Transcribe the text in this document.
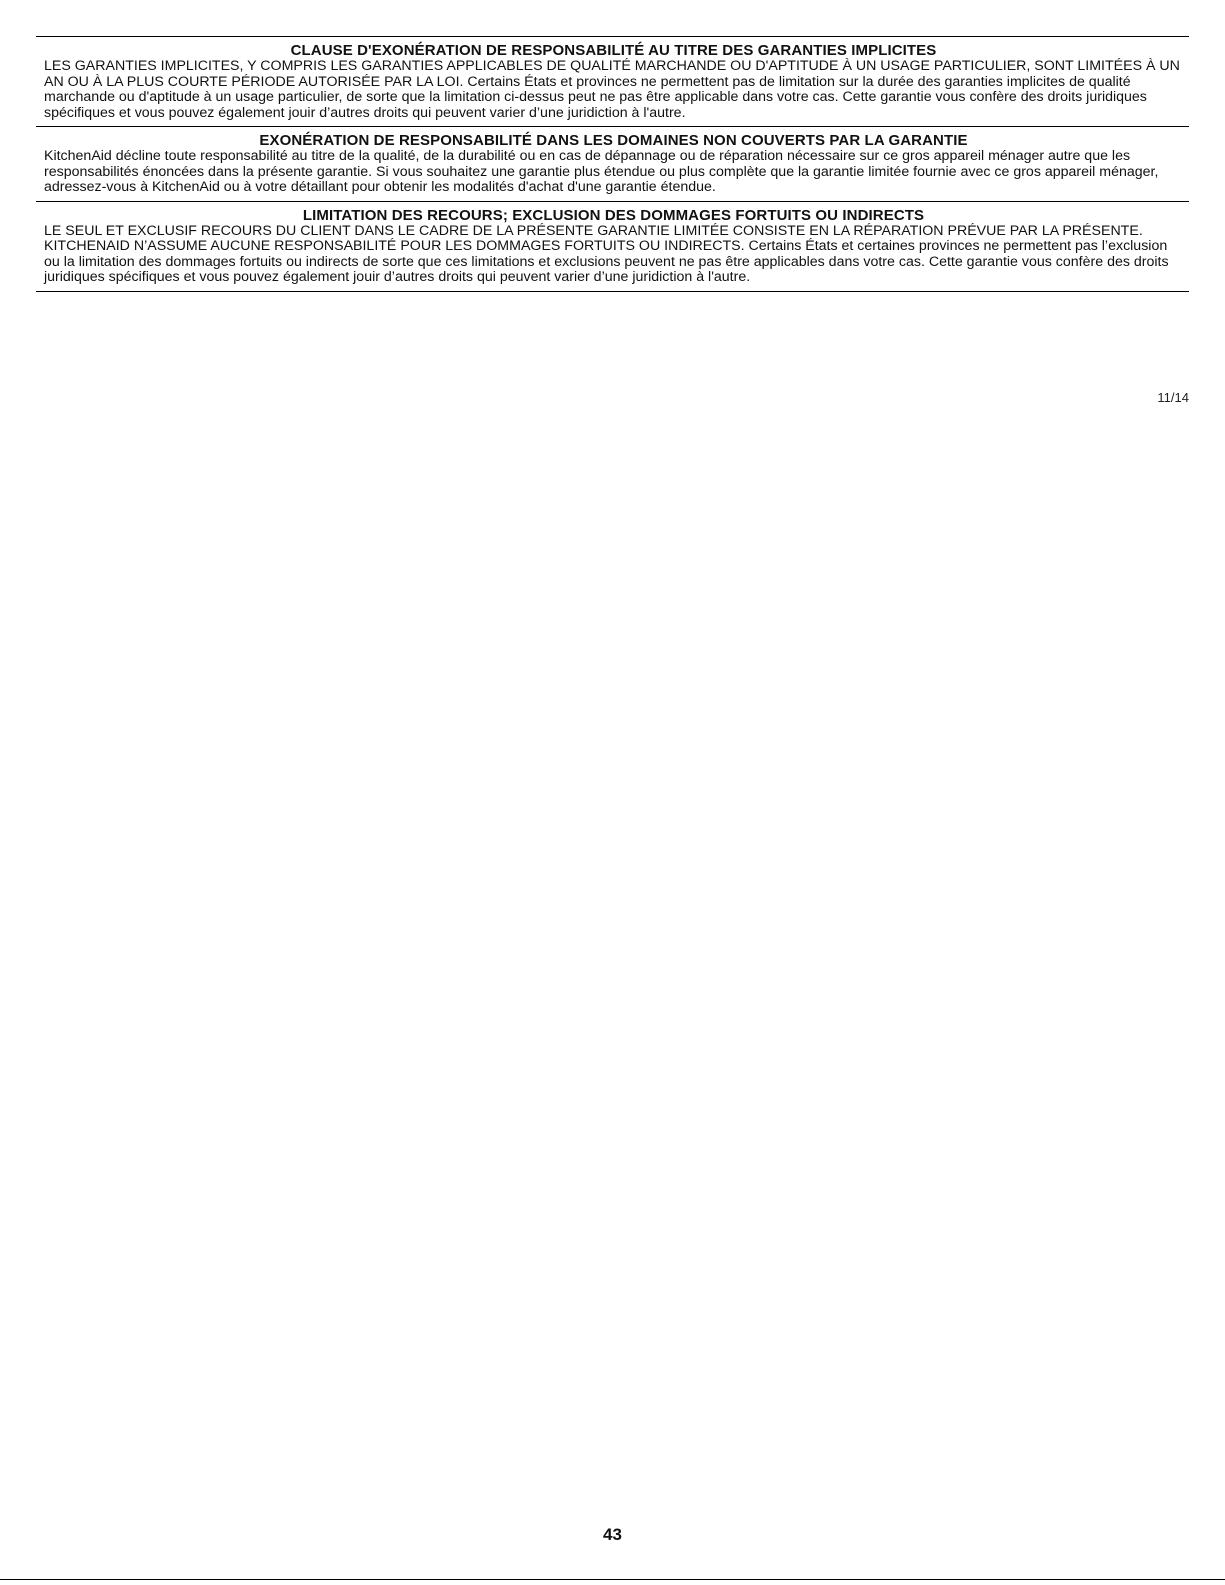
CLAUSE D'EXONÉRATION DE RESPONSABILITÉ AU TITRE DES GARANTIES IMPLICITES

LES GARANTIES IMPLICITES, Y COMPRIS LES GARANTIES APPLICABLES DE QUALITÉ MARCHANDE OU D'APTITUDE À UN USAGE PARTICULIER, SONT LIMITÉES À UN AN OU À LA PLUS COURTE PÉRIODE AUTORISÉE PAR LA LOI. Certains États et provinces ne permettent pas de limitation sur la durée des garanties implicites de qualité marchande ou d'aptitude à un usage particulier, de sorte que la limitation ci-dessus peut ne pas être applicable dans votre cas. Cette garantie vous confère des droits juridiques spécifiques et vous pouvez également jouir d’autres droits qui peuvent varier d’une juridiction à l'autre.

EXONÉRATION DE RESPONSABILITÉ DANS LES DOMAINES NON COUVERTS PAR LA GARANTIE

KitchenAid décline toute responsabilité au titre de la qualité, de la durabilité ou en cas de dépannage ou de réparation nécessaire sur ce gros appareil ménager autre que les responsabilités énoncées dans la présente garantie. Si vous souhaitez une garantie plus étendue ou plus complète que la garantie limitée fournie avec ce gros appareil ménager, adressez-vous à KitchenAid ou à votre détaillant pour obtenir les modalités d'achat d'une garantie étendue.

LIMITATION DES RECOURS; EXCLUSION DES DOMMAGES FORTUITS OU INDIRECTS

LE SEUL ET EXCLUSIF RECOURS DU CLIENT DANS LE CADRE DE LA PRÉSENTE GARANTIE LIMITÉE CONSISTE EN LA RÉPARATION PRÉVUE PAR LA PRÉSENTE. KITCHENAID N’ASSUME AUCUNE RESPONSABILITÉ POUR LES DOMMAGES FORTUITS OU INDIRECTS. Certains États et certaines provinces ne permettent pas l’exclusion ou la limitation des dommages fortuits ou indirects de sorte que ces limitations et exclusions peuvent ne pas être applicables dans votre cas. Cette garantie vous confère des droits juridiques spécifiques et vous pouvez également jouir d’autres droits qui peuvent varier d’une juridiction à l'autre.

11/14
43
